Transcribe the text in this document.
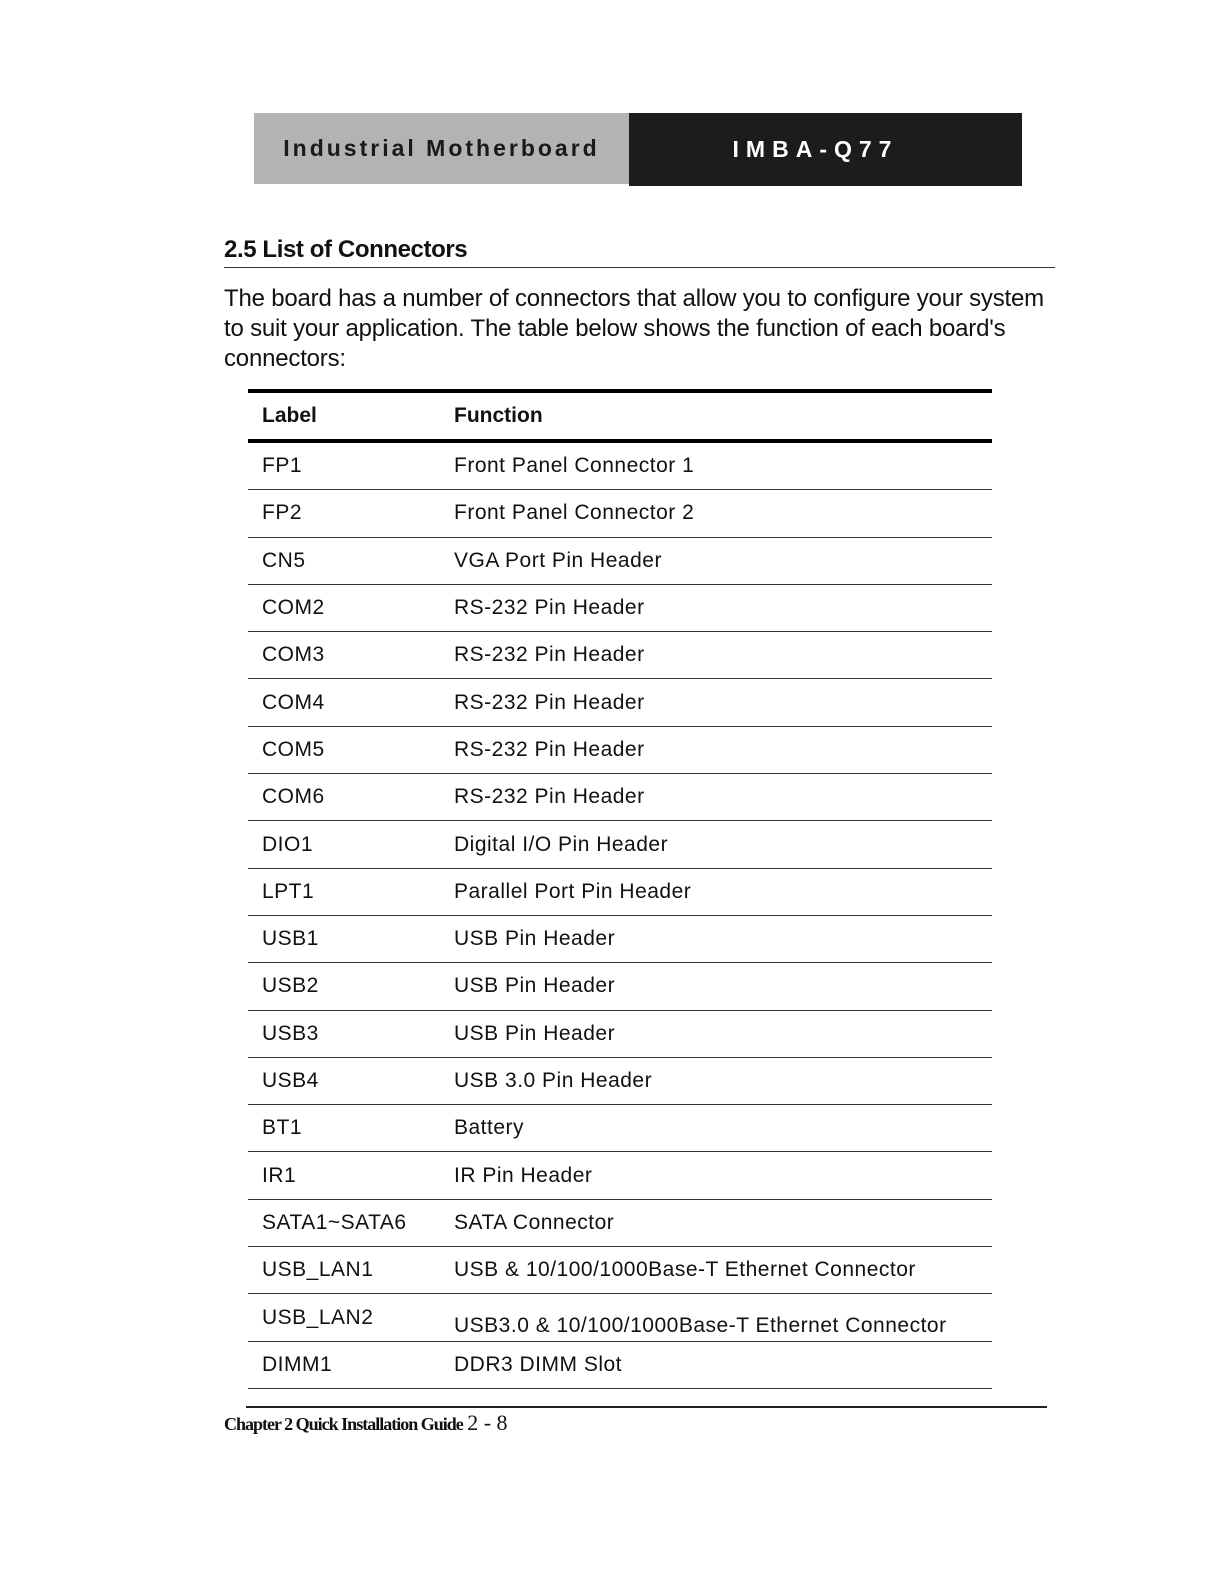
Industrial Motherboard	IMBA-Q77
2.5 List of Connectors
The board has a number of connectors that allow you to configure your system to suit your application. The table below shows the function of each board's connectors:
Label	Function
FP1	Front Panel Connector 1
FP2	Front Panel Connector 2
CN5	VGA Port Pin Header
COM2	RS-232 Pin Header
COM3	RS-232 Pin Header
COM4	RS-232 Pin Header
COM5	RS-232 Pin Header
COM6	RS-232 Pin Header
DIO1	Digital I/O Pin Header
LPT1	Parallel Port Pin Header
USB1	USB Pin Header
USB2	USB Pin Header
USB3	USB Pin Header
USB4	USB 3.0 Pin Header
BT1	Battery
IR1	IR Pin Header
SATA1~SATA6	SATA Connector
USB_LAN1	USB & 10/100/1000Base-T Ethernet Connector
USB_LAN2	USB3.0 & 10/100/1000Base-T Ethernet Connector
DIMM1	DDR3 DIMM Slot
Chapter 2 Quick Installation Guide 2 - 8
